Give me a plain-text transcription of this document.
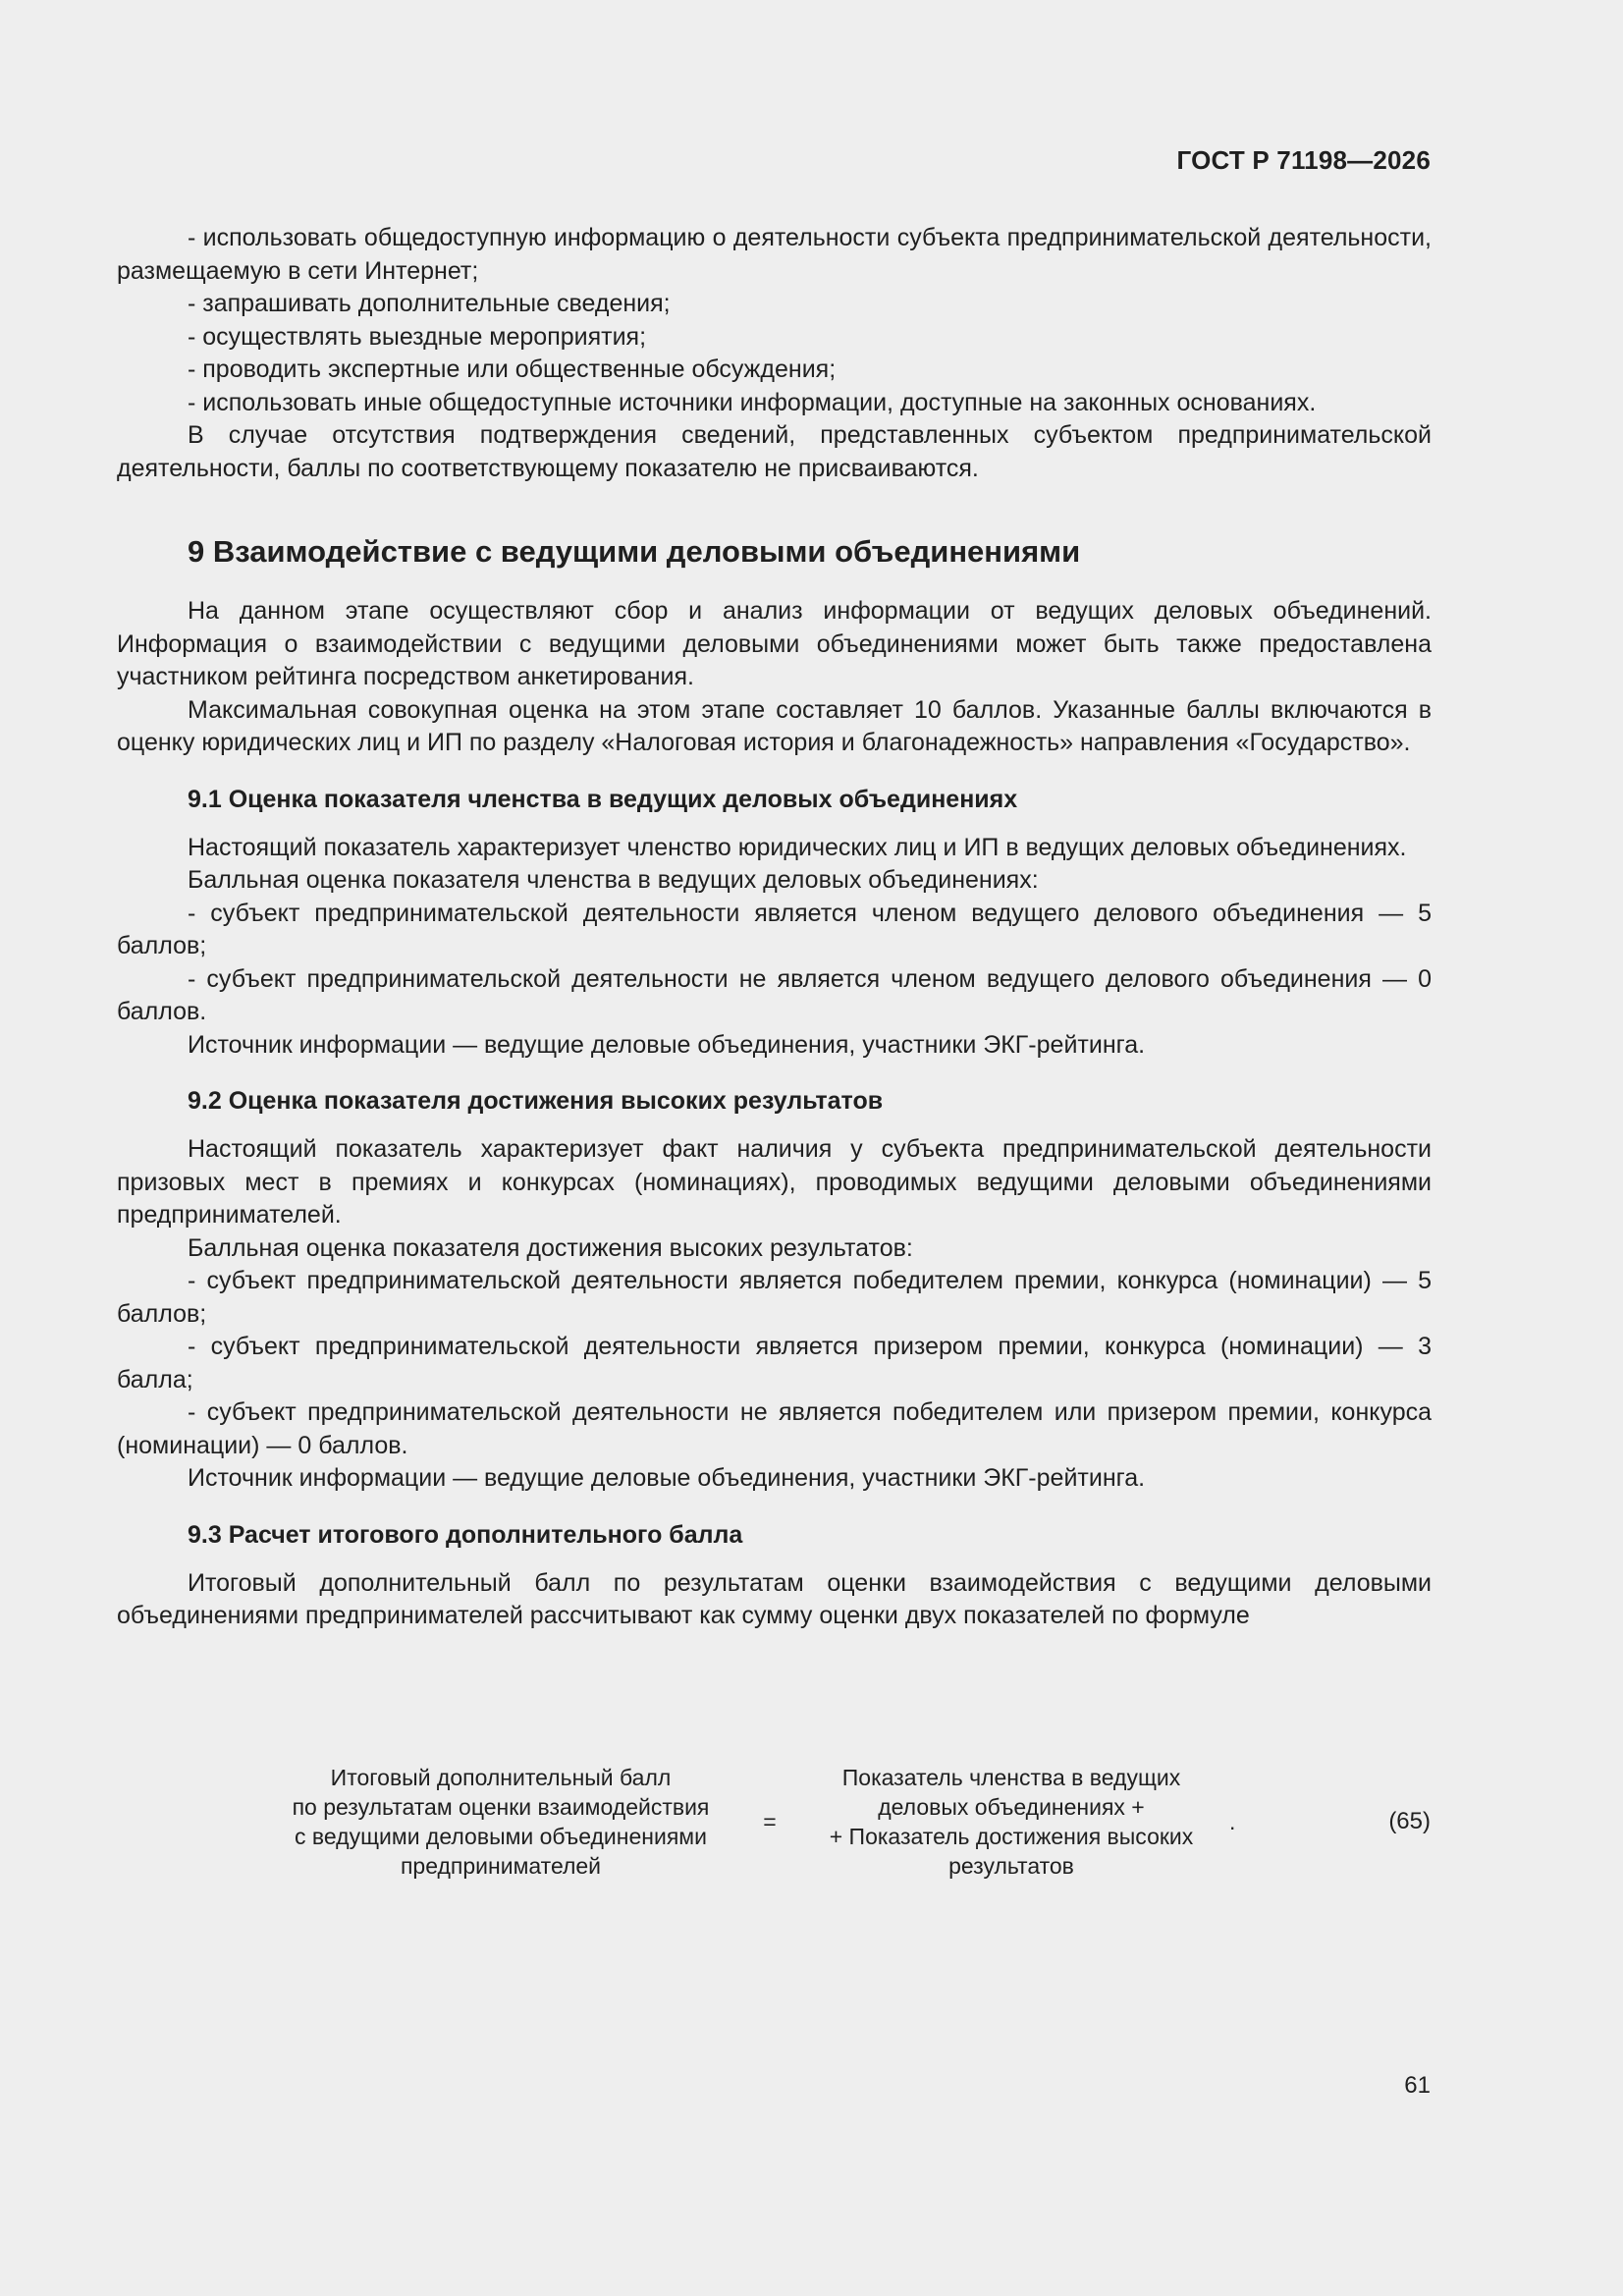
ГОСТ Р 71198—2026

- использовать общедоступную информацию о деятельности субъекта предпринимательской деятельности, размещаемую в сети Интернет;

- запрашивать дополнительные сведения;

- осуществлять выездные мероприятия;

- проводить экспертные или общественные обсуждения;

- использовать иные общедоступные источники информации, доступные на законных основаниях.

В случае отсутствия подтверждения сведений, представленных субъектом предпринимательской деятельности, баллы по соответствующему показателю не присваиваются.

9 Взаимодействие с ведущими деловыми объединениями

На данном этапе осуществляют сбор и анализ информации от ведущих деловых объединений. Информация о взаимодействии с ведущими деловыми объединениями может быть также предоставлена участником рейтинга посредством анкетирования.

Максимальная совокупная оценка на этом этапе составляет 10 баллов. Указанные баллы включаются в оценку юридических лиц и ИП по разделу «Налоговая история и благонадежность» направления «Государство».

9.1 Оценка показателя членства в ведущих деловых объединениях

Настоящий показатель характеризует членство юридических лиц и ИП в ведущих деловых объединениях.

Балльная оценка показателя членства в ведущих деловых объединениях:

- субъект предпринимательской деятельности является членом ведущего делового объединения — 5 баллов;

- субъект предпринимательской деятельности не является членом ведущего делового объединения — 0 баллов.

Источник информации — ведущие деловые объединения, участники ЭКГ-рейтинга.

9.2 Оценка показателя достижения высоких результатов

Настоящий показатель характеризует факт наличия у субъекта предпринимательской деятельности призовых мест в премиях и конкурсах (номинациях), проводимых ведущими деловыми объединениями предпринимателей.

Балльная оценка показателя достижения высоких результатов:

- субъект предпринимательской деятельности является победителем премии, конкурса (номинации) — 5 баллов;

- субъект предпринимательской деятельности является призером премии, конкурса (номинации) — 3 балла;

- субъект предпринимательской деятельности не является победителем или призером премии, конкурса (номинации) — 0 баллов.

Источник информации — ведущие деловые объединения, участники ЭКГ-рейтинга.

9.3 Расчет итогового дополнительного балла

Итоговый дополнительный балл по результатам оценки взаимодействия с ведущими деловыми объединениями предпринимателей рассчитывают как сумму оценки двух показателей по формуле

Итоговый дополнительный балл
по результатам оценки взаимодействия
с ведущими деловыми объединениями
предпринимателей
=
Показатель членства в ведущих
деловых объединениях +
+ Показатель достижения высоких
результатов
.	(65)
61
